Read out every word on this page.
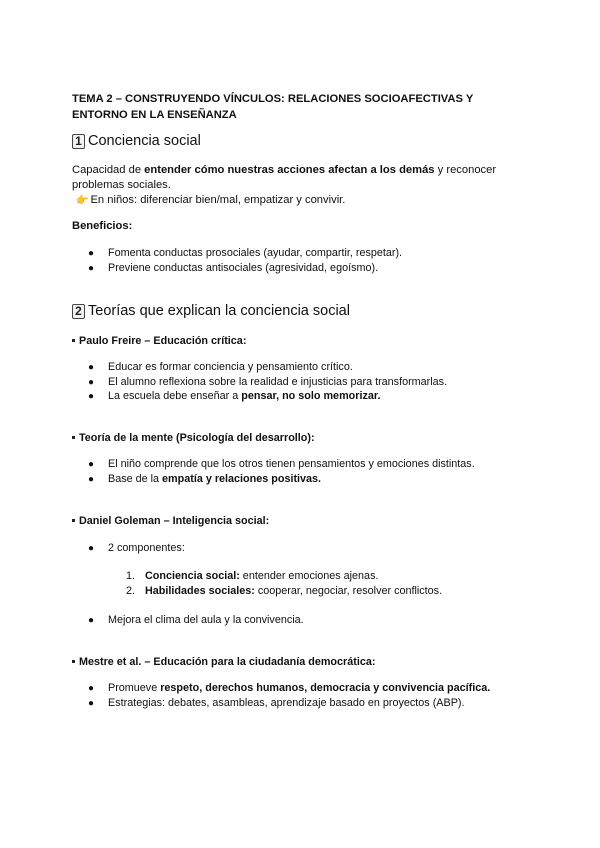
TEMA 2 – CONSTRUYENDO VÍNCULOS: RELACIONES SOCIOAFECTIVAS Y ENTORNO EN LA ENSEÑANZA
1 Conciencia social
Capacidad de entender cómo nuestras acciones afectan a los demás y reconocer
problemas sociales.
👉 En niños: diferenciar bien/mal, empatizar y convivir.
Beneficios:
● Fomenta conductas prosociales (ayudar, compartir, respetar).
● Previene conductas antisociales (agresividad, egoísmo).
2 Teorías que explican la conciencia social
Paulo Freire – Educación crítica:
● Educar es formar conciencia y pensamiento crítico.
● El alumno reflexiona sobre la realidad e injusticias para transformarlas.
● La escuela debe enseñar a pensar, no solo memorizar.
Teoría de la mente (Psicología del desarrollo):
● El niño comprende que los otros tienen pensamientos y emociones distintas.
● Base de la empatía y relaciones positivas.
Daniel Goleman – Inteligencia social:
● 2 componentes:
1. Conciencia social: entender emociones ajenas.
2. Habilidades sociales: cooperar, negociar, resolver conflictos.
● Mejora el clima del aula y la convivencia.
Mestre et al. – Educación para la ciudadanía democrática:
● Promueve respeto, derechos humanos, democracia y convivencia pacífica.
● Estrategias: debates, asambleas, aprendizaje basado en proyectos (ABP).
